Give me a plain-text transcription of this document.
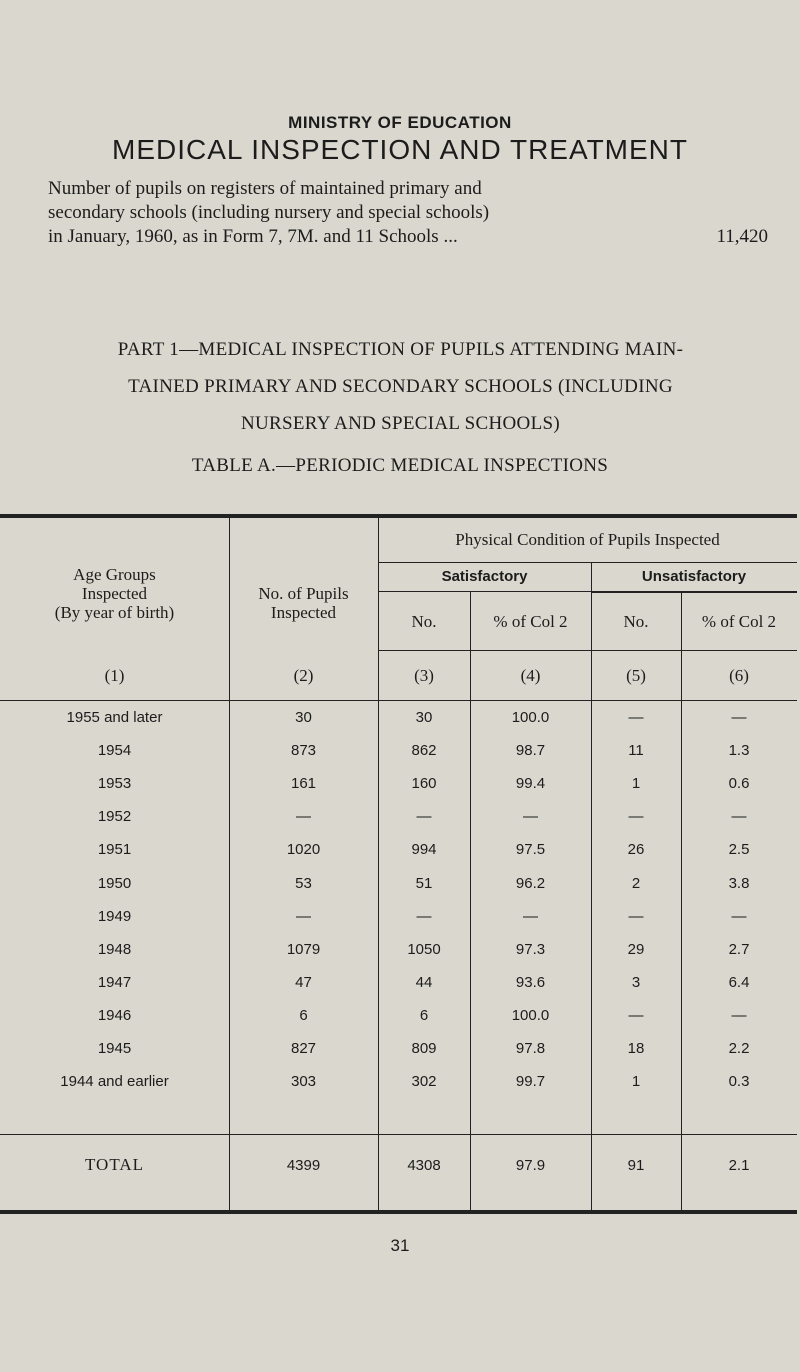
MINISTRY OF EDUCATION
MEDICAL INSPECTION AND TREATMENT
Number of pupils on registers of maintained primary and
secondary schools (including nursery and special schools)
in January, 1960, as in Form 7, 7M. and 11 Schools ...	11,420
PART 1—MEDICAL INSPECTION OF PUPILS ATTENDING MAIN-
TAINED PRIMARY AND SECONDARY SCHOOLS (INCLUDING
NURSERY AND SPECIAL SCHOOLS)
TABLE A.—PERIODIC MEDICAL INSPECTIONS
Age Groups
Inspected
(By year of birth)
No. of Pupils
Inspected
Physical Condition of Pupils Inspected
Satisfactory	Unsatisfactory
No.	% of Col 2	No.	% of Col 2
(1)	(2)	(3)	(4)	(5)	(6)
1955 and later	30	30	100.0	—	—
1954	873	862	98.7	11	1.3
1953	161	160	99.4	1	0.6
1952	—	—	—	—	—
1951	1020	994	97.5	26	2.5
1950	53	51	96.2	2	3.8
1949	—	—	—	—	—
1948	1079	1050	97.3	29	2.7
1947	47	44	93.6	3	6.4
1946	6	6	100.0	—	—
1945	827	809	97.8	18	2.2
1944 and earlier	303	302	99.7	1	0.3
TOTAL	4399	4308	97.9	91	2.1
31
